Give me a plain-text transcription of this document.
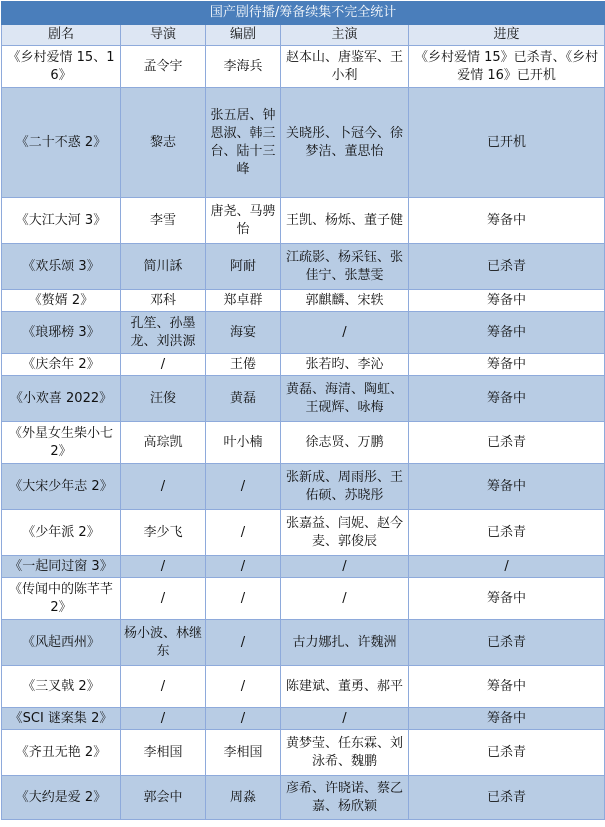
国产剧待播/筹备续集不完全统计				
剧名	导演	编剧	主演	进度
《乡村爱情 15、16》	孟令宇	李海兵	赵本山、唐鉴军、王小利	《乡村爱情 15》已杀青、《乡村爱情 16》已开机
《二十不惑 2》	黎志	张五居、钟恩淑、韩三台、陆十三峰	关晓彤、卜冠今、徐梦洁、董思怡	已开机
《大江大河 3》	李雪	唐尧、马骋怡	王凯、杨烁、董子健	筹备中
《欢乐颂 3》	简川訸	阿耐	江疏影、杨采钰、张佳宁、张慧雯	已杀青
《赘婿 2》	邓科	郑卓群	郭麒麟、宋轶	筹备中
《琅琊榜 3》	孔笙、孙墨龙、刘洪源	海宴	/	筹备中
《庆余年 2》	/	王倦	张若昀、李沁	筹备中
《小欢喜 2022》	汪俊	黄磊	黄磊、海清、陶虹、王砚辉、咏梅	筹备中
《外星女生柴小七 2》	高琮凯	叶小楠	徐志贤、万鹏	已杀青
《大宋少年志 2》	/	/	张新成、周雨彤、王佑硕、苏晓彤	筹备中
《少年派 2》	李少飞	/	张嘉益、闫妮、赵今麦、郭俊辰	已杀青
《一起同过窗 3》	/	/	/	/
《传闻中的陈芊芊 2》	/	/	/	筹备中
《风起西州》	杨小波、林继东	/	古力娜扎、许魏洲	已杀青
《三叉戟 2》	/	/	陈建斌、董勇、郝平	筹备中
《SCI 谜案集 2》	/	/	/	筹备中
《齐丑无艳 2》	李相国	李相国	黄梦莹、任东霖、刘泳希、魏鹏	已杀青
《大约是爱 2》	郭会中	周淼	彦希、许晓诺、蔡乙嘉、杨欣颖	已杀青
